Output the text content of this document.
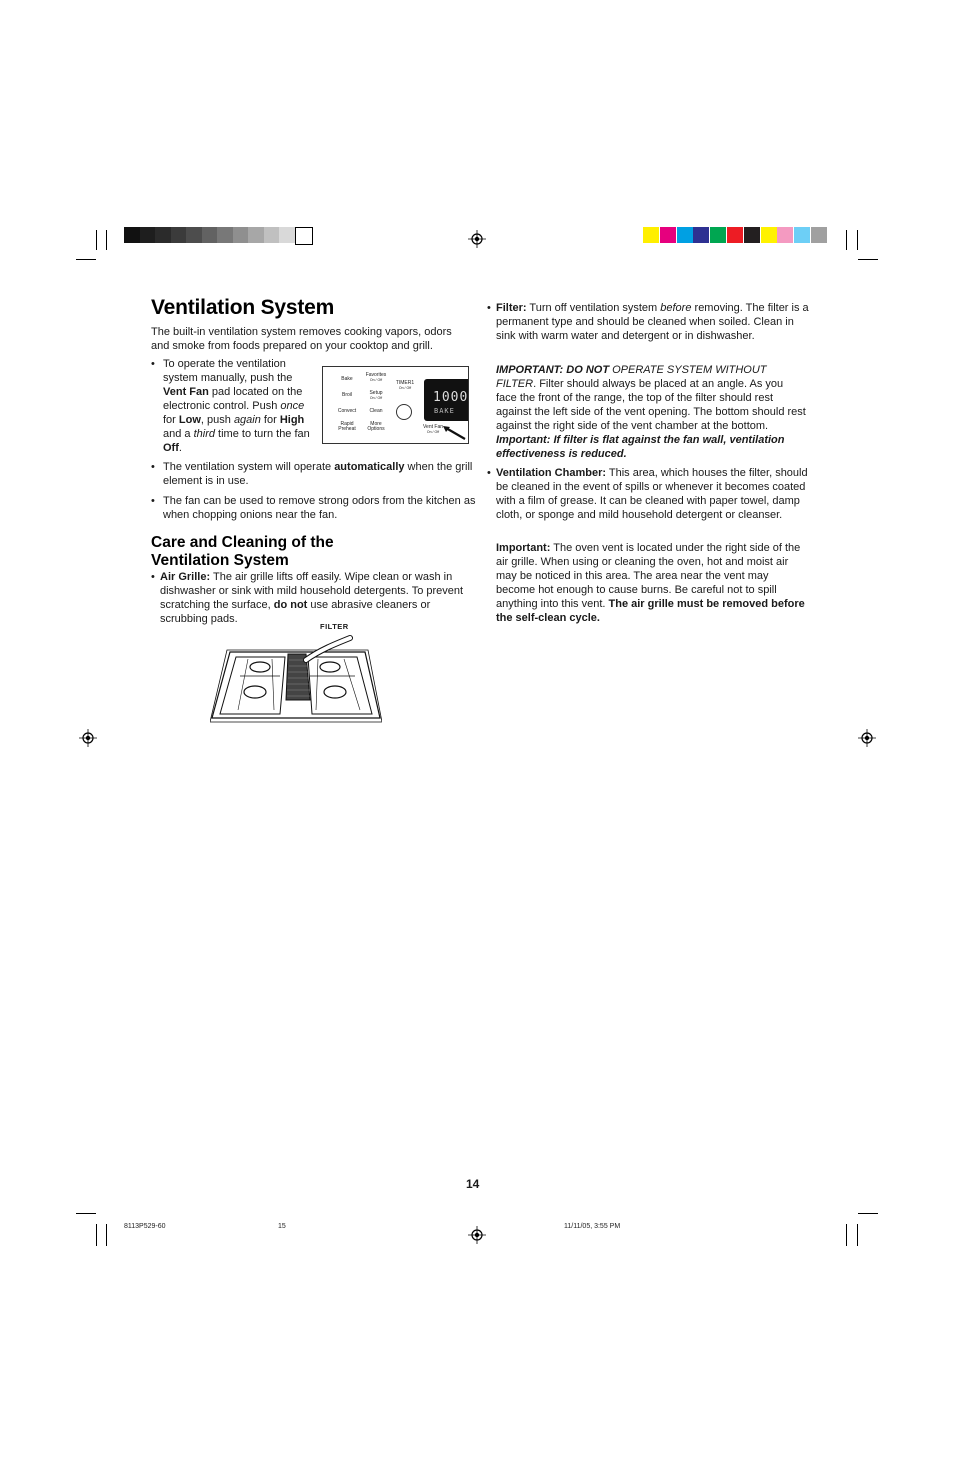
Ventilation System

The built-in ventilation system removes cooking vapors, odors and smoke from foods prepared on your cooktop and grill.

• To operate the ventilation system manually, push the Vent Fan pad located on the electronic control. Push once for Low, push again for High and a third time to turn the fan Off.
Bake
Broil
Convect
Rapid Preheat
Favorites
On / Off
Setup
On / Off
Clean
More Options
TIMER1
On / Off
Vent Fan
On / Off
1000
BAKE
• The ventilation system will operate automatically when the grill element is in use.
• The fan can be used to remove strong odors from the kitchen as when chopping onions near the fan.
Care and Cleaning of the Ventilation System
• Air Grille: The air grille lifts off easily. Wipe clean or wash in dishwasher or sink with mild household detergents. To prevent scratching the surface, do not use abrasive cleaners or scrubbing pads.
FILTER
• Filter: Turn off ventilation system before removing. The filter is a permanent type and should be cleaned when soiled. Clean in sink with warm water and detergent or in dishwasher.

IMPORTANT: DO NOT OPERATE SYSTEM WITHOUT FILTER. Filter should always be placed at an angle. As you face the front of the range, the top of the filter should rest against the left side of the vent opening. The bottom should rest against the right side of the vent chamber at the bottom. Important: If filter is flat against the fan wall, ventilation effectiveness is reduced.

• Ventilation Chamber: This area, which houses the filter, should be cleaned in the event of spills or whenever it becomes coated with a film of grease. It can be cleaned with paper towel, damp cloth, or sponge and mild household detergent or cleanser.

Important: The oven vent is located under the right side of the air grille. When using or cleaning the oven, hot and moist air may be noticed in this area. The area near the vent may become hot enough to cause burns. Be careful not to spill anything into this vent. The air grille must be removed before the self-clean cycle.

14
8113P529-60	15	11/11/05, 3:55 PM
